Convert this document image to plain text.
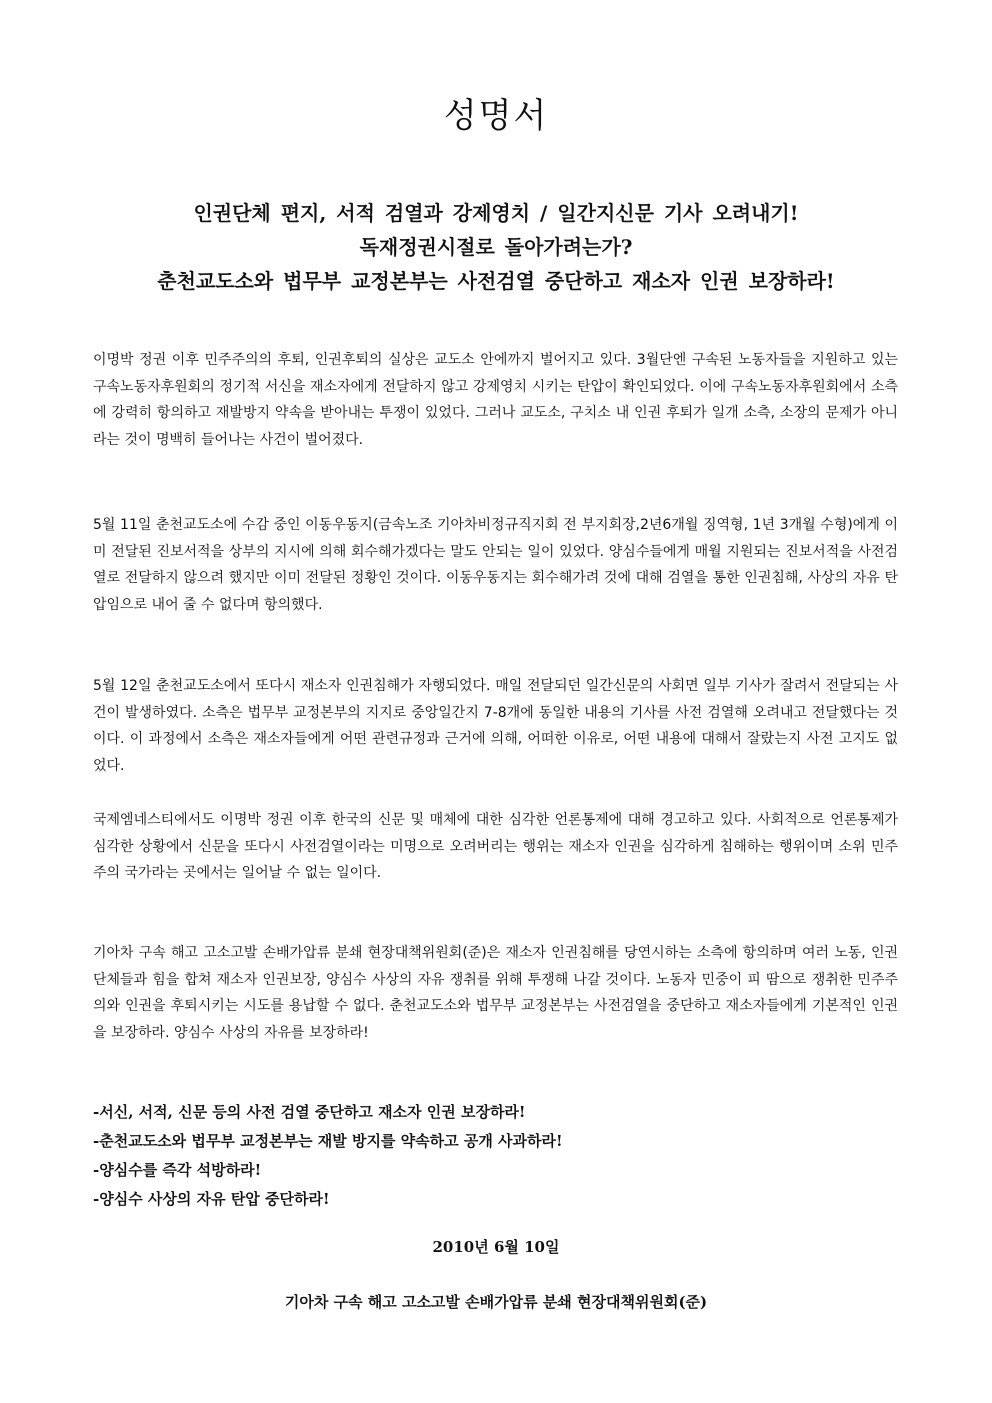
성명서
인권단체 편지, 서적 검열과 강제영치 / 일간지신문 기사 오려내기!
독재정권시절로 돌아가려는가?
춘천교도소와 법무부 교정본부는 사전검열 중단하고 재소자 인권 보장하라!

이명박 정권 이후 민주주의의 후퇴, 인권후퇴의 실상은 교도소 안에까지 벌어지고 있다. 3월단엔 구속된 노동자들을 지원하고 있는 구속노동자후원회의 정기적 서신을 재소자에게 전달하지 않고 강제영치 시키는 탄압이 확인되었다. 이에 구속노동자후원회에서 소측에 강력히 항의하고 재발방지 약속을 받아내는 투쟁이 있었다. 그러나 교도소, 구치소 내 인권 후퇴가 일개 소측, 소장의 문제가 아니라는 것이 명백히 들어나는 사건이 벌어졌다.

5월 11일 춘천교도소에 수감 중인 이동우동지(금속노조 기아차비정규직지회 전 부지회장,2년6개월 징역형, 1년 3개월 수형)에게 이미 전달된 진보서적을 상부의 지시에 의해 회수해가겠다는 말도 안되는 일이 있었다. 양심수들에게 매월 지원되는 진보서적을 사전검열로 전달하지 않으려 했지만 이미 전달된 정황인 것이다. 이동우동지는 회수해가려 것에 대해 검열을 통한 인권침해, 사상의 자유 탄압임으로 내어 줄 수 없다며 항의했다.

5월 12일 춘천교도소에서 또다시 재소자 인권침해가 자행되었다. 매일 전달되던 일간신문의 사회면 일부 기사가 잘려서 전달되는 사건이 발생하였다. 소측은 법무부 교정본부의 지지로 중앙일간지 7-8개에 동일한 내용의 기사를 사전 검열해 오려내고 전달했다는 것이다. 이 과정에서 소측은 재소자들에게 어떤 관련규정과 근거에 의해, 어떠한 이유로, 어떤 내용에 대해서 잘랐는지 사전 고지도 없었다.

국제엠네스티에서도 이명박 정권 이후 한국의 신문 및 매체에 대한 심각한 언론통제에 대해 경고하고 있다. 사회적으로 언론통제가 심각한 상황에서 신문을 또다시 사전검열이라는 미명으로 오려버리는 행위는 재소자 인권을 심각하게 침해하는 행위이며 소위 민주주의 국가라는 곳에서는 일어날 수 없는 일이다.

기아차 구속 해고 고소고발 손배가압류 분쇄 현장대책위원회(준)은 재소자 인권침해를 당연시하는 소측에 항의하며 여러 노동, 인권 단체들과 힘을 합쳐 재소자 인권보장, 양심수 사상의 자유 쟁취를 위해 투쟁해 나갈 것이다. 노동자 민중이 피 땀으로 쟁취한 민주주의와 인권을 후퇴시키는 시도를 용납할 수 없다. 춘천교도소와 법무부 교정본부는 사전검열을 중단하고 재소자들에게 기본적인 인권을 보장하라. 양심수 사상의 자유를 보장하라!

-서신, 서적, 신문 등의 사전 검열 중단하고 재소자 인권 보장하라!
-춘천교도소와 법무부 교정본부는 재발 방지를 약속하고 공개 사과하라!
-양심수를 즉각 석방하라!
-양심수 사상의 자유 탄압 중단하라!

2010년 6월 10일

기아차 구속 해고 고소고발 손배가압류 분쇄 현장대책위원회(준)
